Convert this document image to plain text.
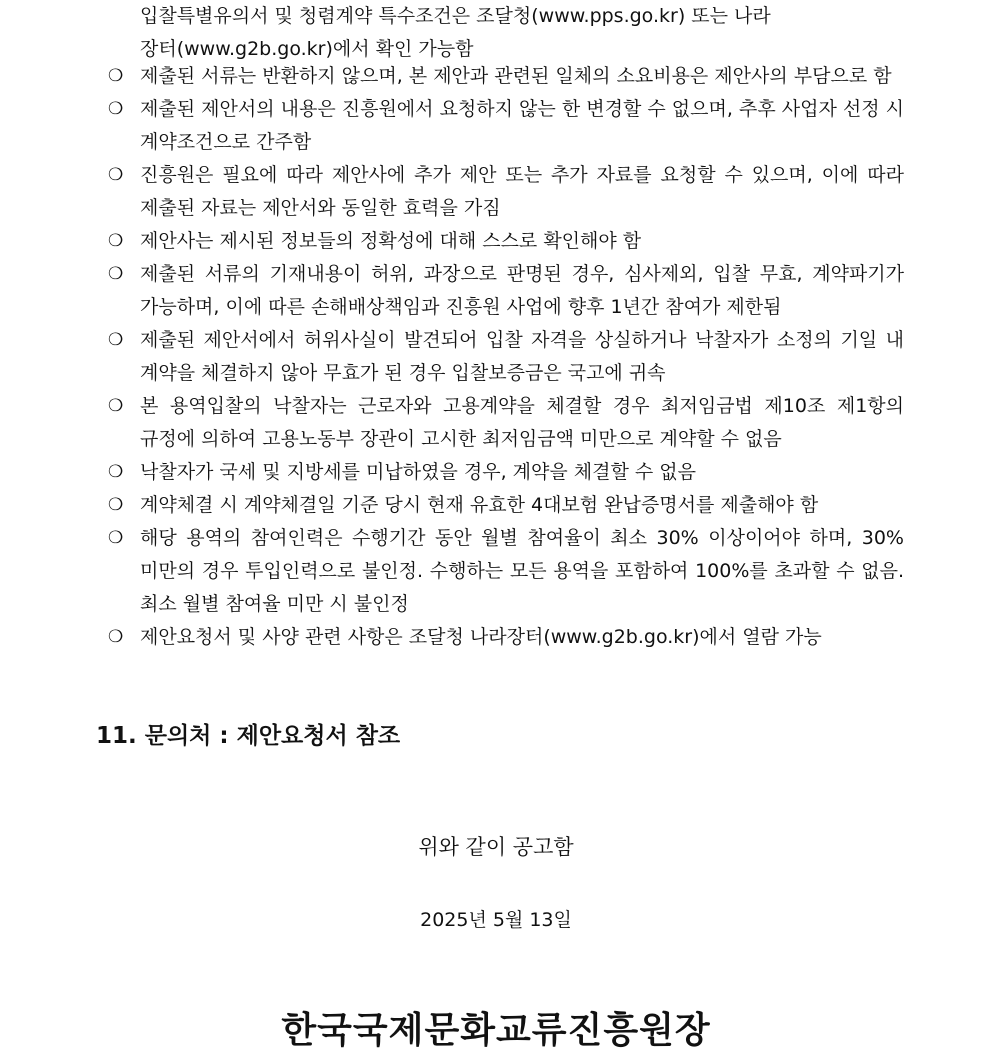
입찰특별유의서 및 청렴계약 특수조건은 조달청(www.pps.go.kr) 또는 나라
장터(www.g2b.go.kr)에서 확인 가능함
❍ 제출된 서류는 반환하지 않으며, 본 제안과 관련된 일체의 소요비용은 제안사의 부담으로 함
❍ 제출된 제안서의 내용은 진흥원에서 요청하지 않는 한 변경할 수 없으며, 추후 사업자 선정 시 계약조건으로 간주함
❍ 진흥원은 필요에 따라 제안사에 추가 제안 또는 추가 자료를 요청할 수 있으며, 이에 따라 제출된 자료는 제안서와 동일한 효력을 가짐
❍ 제안사는 제시된 정보들의 정확성에 대해 스스로 확인해야 함
❍ 제출된 서류의 기재내용이 허위, 과장으로 판명된 경우, 심사제외, 입찰 무효, 계약파기가 가능하며, 이에 따른 손해배상책임과 진흥원 사업에 향후 1년간 참여가 제한됨
❍ 제출된 제안서에서 허위사실이 발견되어 입찰 자격을 상실하거나 낙찰자가 소정의 기일 내 계약을 체결하지 않아 무효가 된 경우 입찰보증금은 국고에 귀속
❍ 본 용역입찰의 낙찰자는 근로자와 고용계약을 체결할 경우 최저임금법 제10조 제1항의 규정에 의하여 고용노동부 장관이 고시한 최저임금액 미만으로 계약할 수 없음
❍ 낙찰자가 국세 및 지방세를 미납하였을 경우, 계약을 체결할 수 없음
❍ 계약체결 시 계약체결일 기준 당시 현재 유효한 4대보험 완납증명서를 제출해야 함
❍ 해당 용역의 참여인력은 수행기간 동안 월별 참여율이 최소 30% 이상이어야 하며, 30% 미만의 경우 투입인력으로 불인정. 수행하는 모든 용역을 포함하여 100%를 초과할 수 없음. 최소 월별 참여율 미만 시 불인정
❍ 제안요청서 및 사양 관련 사항은 조달청 나라장터(www.g2b.go.kr)에서 열람 가능
11. 문의처 : 제안요청서 참조
위와 같이 공고함
2025년 5월 13일
한국국제문화교류진흥원장
